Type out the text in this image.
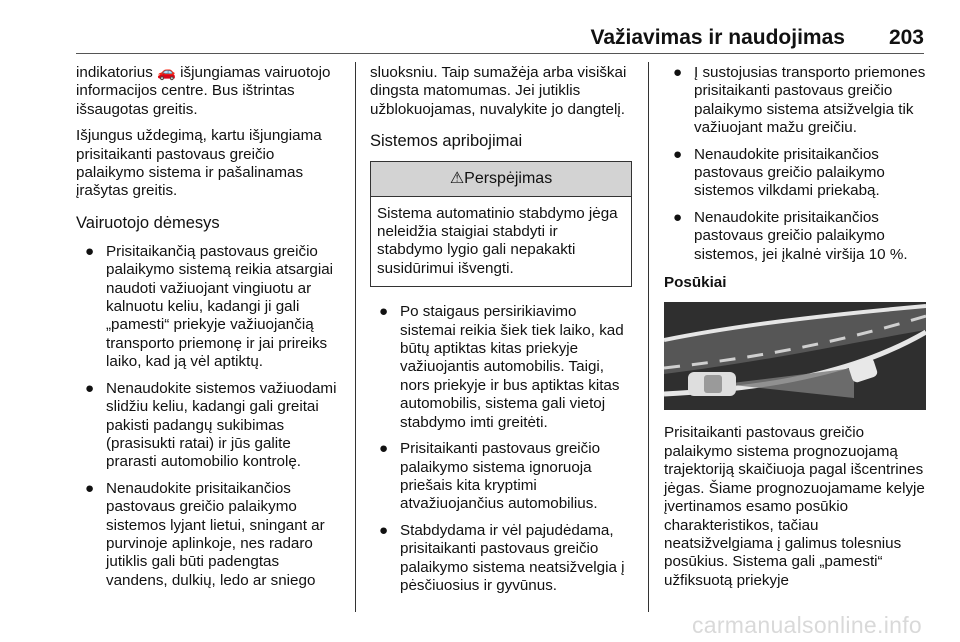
Važiavimas ir naudojimas 203

indikatorius 🚗 išjungiamas vairuotojo informacijos centre. Bus ištrintas išsaugotas greitis.

Išjungus uždegimą, kartu išjungiama prisitaikanti pastovaus greičio palaikymo sistema ir pašalinamas įrašytas greitis.

Vairuotojo dėmesys
● Prisitaikančią pastovaus greičio palaikymo sistemą reikia atsargiai naudoti važiuojant vingiuotu ar kalnuotu keliu, kadangi ji gali „pamesti“ priekyje važiuojančią transporto priemonę ir jai prireiks laiko, kad ją vėl aptiktų.
● Nenaudokite sistemos važiuodami slidžiu keliu, kadangi gali greitai pakisti padangų sukibimas (prasisukti ratai) ir jūs galite prarasti automobilio kontrolę.
● Nenaudokite prisitaikančios pastovaus greičio palaikymo sistemos lyjant lietui, sningant ar purvinoje aplinkoje, nes radaro jutiklis gali būti padengtas vandens, dulkių, ledo ar sniego

sluoksniu. Taip sumažėja arba visiškai dingsta matomumas. Jei jutiklis užblokuojamas, nuvalykite jo dangtelį.

Sistemos apribojimai
⚠Perspėjimas
Sistema automatinio stabdymo jėga neleidžia staigiai stabdyti ir stabdymo lygio gali nepakakti susidūrimui išvengti.
● Po staigaus persirikiavimo sistemai reikia šiek tiek laiko, kad būtų aptiktas kitas priekyje važiuojantis automobilis. Taigi, nors priekyje ir bus aptiktas kitas automobilis, sistema gali vietoj stabdymo imti greitėti.
● Prisitaikanti pastovaus greičio palaikymo sistema ignoruoja priešais kita kryptimi atvažiuojančius automobilius.
● Stabdydama ir vėl pajudėdama, prisitaikanti pastovaus greičio palaikymo sistema neatsižvelgia į pėsčiuosius ir gyvūnus.
● Į sustojusias transporto priemones prisitaikanti pastovaus greičio palaikymo sistema atsižvelgia tik važiuojant mažu greičiu.
● Nenaudokite prisitaikančios pastovaus greičio palaikymo sistemos vilkdami priekabą.
● Nenaudokite prisitaikančios pastovaus greičio palaikymo sistemos, jei įkalnė viršija 10 %.
Posūkiai

Prisitaikanti pastovaus greičio palaikymo sistema prognozuojamą trajektoriją skaičiuoja pagal išcentrines jėgas. Šiame prognozuojamame kelyje įvertinamos esamo posūkio charakteristikos, tačiau neatsižvelgiama į galimus tolesnius posūkius. Sistema gali „pamesti“ užfiksuotą priekyje

carmanualsonline.info
